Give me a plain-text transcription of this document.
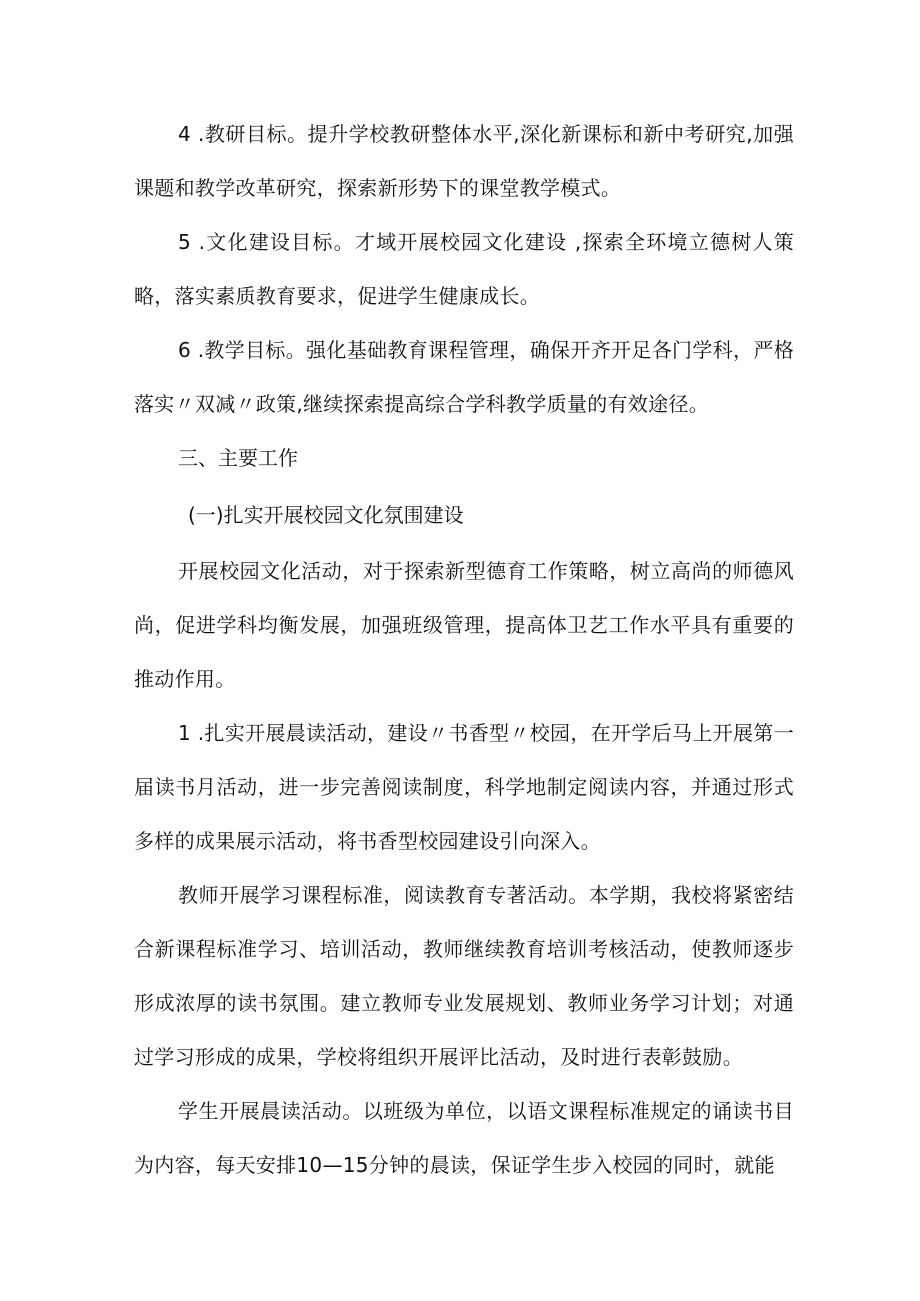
4 .教研目标。提升学校教研整体水平,深化新课标和新中考研究,加强课题和教学改革研究，探索新形势下的课堂教学模式。

5 .文化建设目标。才域开展校园文化建设 ,探索全环境立德树人策略，落实素质教育要求，促进学生健康成长。

6 .教学目标。强化基础教育课程管理，确保开齐开足各门学科，严格落实〃双减〃政策,继续探索提高综合学科教学质量的有效途径。

三、主要工作

(一)扎实开展校园文化氛围建设

开展校园文化活动，对于探索新型德育工作策略，树立高尚的师德风尚，促进学科均衡发展，加强班级管理，提高体卫艺工作水平具有重要的推动作用。

1 .扎实开展晨读活动，建设〃书香型〃校园，在开学后马上开展第一届读书月活动，进一步完善阅读制度，科学地制定阅读内容，并通过形式多样的成果展示活动，将书香型校园建设引向深入。

教师开展学习课程标准，阅读教育专著活动。本学期，我校将紧密结合新课程标准学习、培训活动，教师继续教育培训考核活动，使教师逐步形成浓厚的读书氛围。建立教师专业发展规划、教师业务学习计划；对通过学习形成的成果，学校将组织开展评比活动，及时进行表彰鼓励。

学生开展晨读活动。以班级为单位，以语文课程标准规定的诵读书目为内容，每天安排10—15分钟的晨读，保证学生步入校园的同时，就能
